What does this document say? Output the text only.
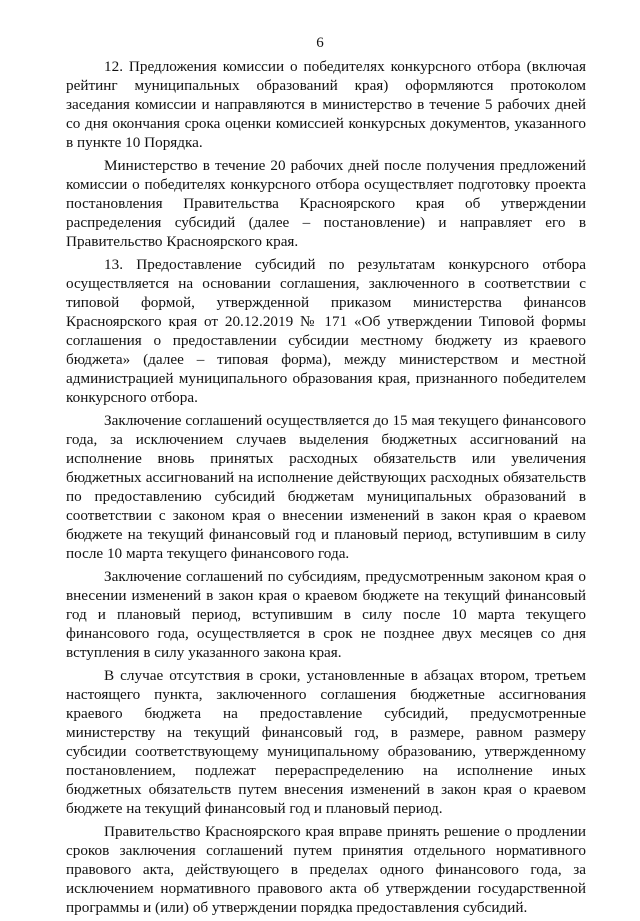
6

12. Предложения комиссии о победителях конкурсного отбора (включая рейтинг муниципальных образований края) оформляются протоколом заседания комиссии и направляются в министерство в течение 5 рабочих дней со дня окончания срока оценки комиссией конкурсных документов, указанного в пункте 10 Порядка.

Министерство в течение 20 рабочих дней после получения предложений комиссии о победителях конкурсного отбора осуществляет подготовку проекта постановления Правительства Красноярского края об утверждении распределения субсидий (далее – постановление) и направляет его в Правительство Красноярского края.

13. Предоставление субсидий по результатам конкурсного отбора осуществляется на основании соглашения, заключенного в соответствии с типовой формой, утвержденной приказом министерства финансов Красноярского края от 20.12.2019 № 171 «Об утверждении Типовой формы соглашения о предоставлении субсидии местному бюджету из краевого бюджета» (далее – типовая форма), между министерством и местной администрацией муниципального образования края, признанного победителем конкурсного отбора.

Заключение соглашений осуществляется до 15 мая текущего финансового года, за исключением случаев выделения бюджетных ассигнований на исполнение вновь принятых расходных обязательств или увеличения бюджетных ассигнований на исполнение действующих расходных обязательств по предоставлению субсидий бюджетам муниципальных образований в соответствии с законом края о внесении изменений в закон края о краевом бюджете на текущий финансовый год и плановый период, вступившим в силу после 10 марта текущего финансового года.

Заключение соглашений по субсидиям, предусмотренным законом края о внесении изменений в закон края о краевом бюджете на текущий финансовый год и плановый период, вступившим в силу после 10 марта текущего финансового года, осуществляется в срок не позднее двух месяцев со дня вступления в силу указанного закона края.

В случае отсутствия в сроки, установленные в абзацах втором, третьем настоящего пункта, заключенного соглашения бюджетные ассигнования краевого бюджета на предоставление субсидий, предусмотренные министерству на текущий финансовый год, в размере, равном размеру субсидии соответствующему муниципальному образованию, утвержденному постановлением, подлежат перераспределению на исполнение иных бюджетных обязательств путем внесения изменений в закон края о краевом бюджете на текущий финансовый год и плановый период.

Правительство Красноярского края вправе принять решение о продлении сроков заключения соглашений путем принятия отдельного нормативного правового акта, действующего в пределах одного финансового года, за исключением нормативного правового акта об утверждении государственной программы и (или) об утверждении порядка предоставления субсидий.
